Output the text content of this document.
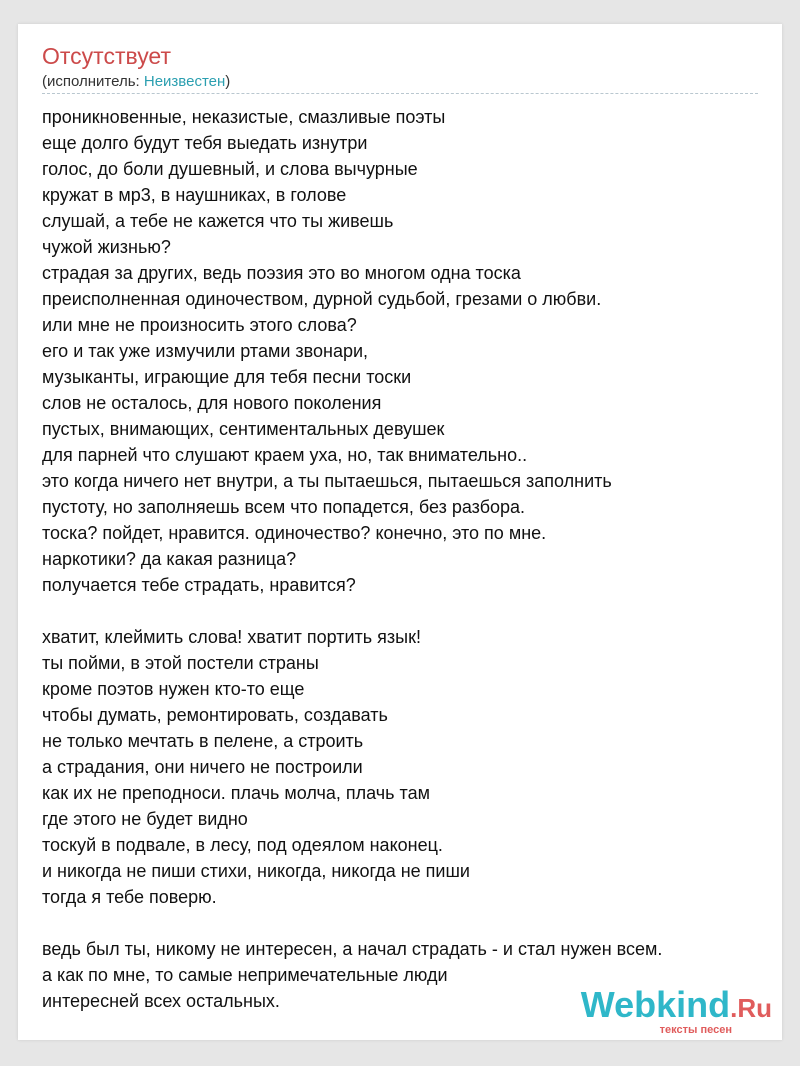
Отсутствует
(исполнитель: Неизвестен)
проникновенные, неказистые, смазливые поэты
еще долго будут тебя выедать изнутри
голос, до боли душевный, и слова вычурные
кружат в мр3, в наушниках, в голове
слушай, а тебе не кажется что ты живешь
чужой жизнью?
страдая за других, ведь поэзия это во многом одна тоска
преисполненная одиночеством, дурной судьбой, грезами о любви.
или мне не произносить этого слова?
его и так уже измучили ртами звонари,
музыканты, играющие для тебя песни тоски
слов не осталось, для нового поколения
пустых, внимающих, сентиментальных девушек
для парней что слушают краем уха, но, так внимательно..
это когда ничего нет внутри, а ты пытаешься, пытаешься заполнить
пустоту, но заполняешь всем что попадется, без разбора.
тоска? пойдет, нравится. одиночество? конечно, это по мне.
наркотики? да какая разница?
получается тебе страдать, нравится?
хватит, клеймить слова! хватит портить язык!
ты пойми, в этой постели страны
кроме поэтов нужен кто-то еще
чтобы думать, ремонтировать, создавать
не только мечтать в пелене, а строить
а страдания, они ничего не построили
как их не преподноси. плачь молча, плачь там
где этого не будет видно
тоскуй в подвале, в лесу, под одеялом наконец.
и никогда не пиши стихи, никогда, никогда не пиши
тогда я тебе поверю.
ведь был ты, никому не интересен, а начал страдать - и стал нужен всем.
а как по мне, то самые непримечательные люди
интересней всех остальных.	Webkind.Ru
тексты песен
